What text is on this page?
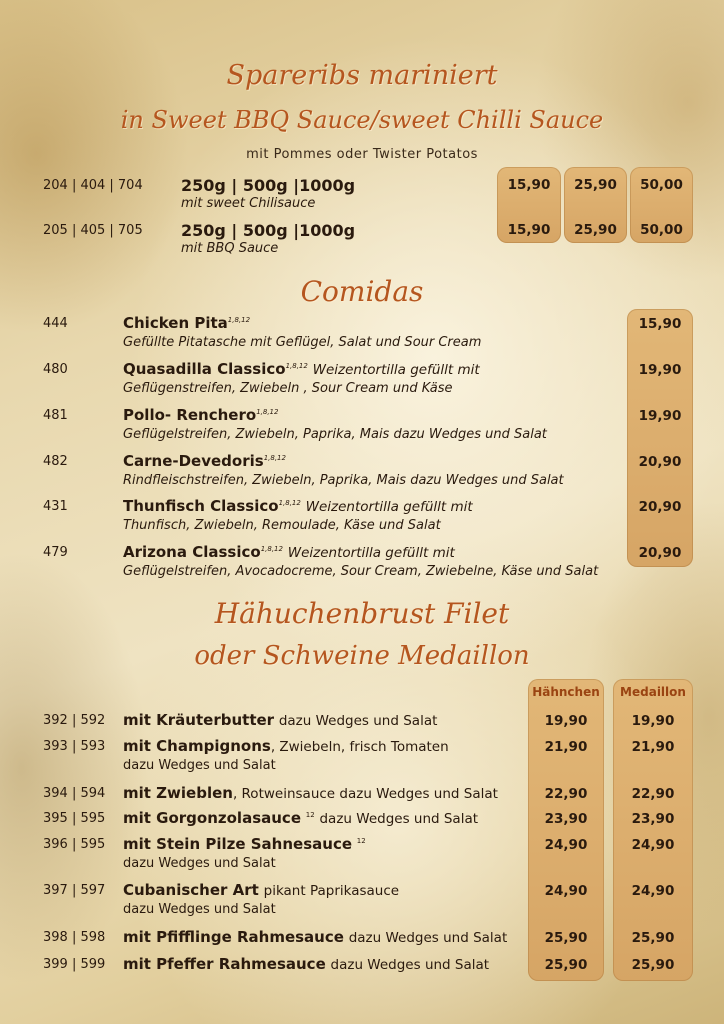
Spareribs mariniert
in Sweet BBQ Sauce/sweet Chilli Sauce
mit Pommes oder Twister Potatos
204 | 404 | 704 250g | 500g |1000g
mit sweet Chilisauce
15,90	25,90	50,00
205 | 405 | 705 250g | 500g |1000g
mit BBQ Sauce
15,90	25,90	50,00
Comidas
444	Chicken Pita$^{1,8,12}$
Gefüllte Pitatasche mit Geflügel, Salat und Sour Cream
15,90
480	Quasadilla Classico$^{1,8,12}$ Weizentortilla gefüllt mit
Geflügenstreifen, Zwiebeln , Sour Cream und Käse
19,90
481	Pollo- Renchero$^{1,8,12}$
Geflügelstreifen, Zwiebeln, Paprika, Mais dazu Wedges und Salat
19,90
482	Carne-Devedoris$^{1,8,12}$
Rindfleischstreifen, Zwiebeln, Paprika, Mais dazu Wedges und Salat
20,90
431	Thunfisch Classico$^{1,8,12}$ Weizentortilla gefüllt mit
Thunfisch, Zwiebeln, Remoulade, Käse und Salat
20,90
479	Arizona Classico$^{1,8,12}$ Weizentortilla gefüllt mit
Geflügelstreifen, Avocadocreme, Sour Cream, Zwiebelne, Käse und Salat
20,90
Hähuchenbrust Filet
oder Schweine Medaillon
Hähnchen	Medaillon
392 | 592 mit Kräuterbutter dazu Wedges und Salat	19,90	19,90
393 | 593 mit Champignons, Zwiebeln, frisch Tomaten
dazu Wedges und Salat
21,90	21,90
394 | 594 mit Zwieblen, Rotweinsauce dazu Wedges und Salat	22,90	22,90
395 | 595 mit Gorgonzolasauce $^{12}$ dazu Wedges und Salat	23,90	23,90
396 | 595 mit Stein Pilze Sahnesauce $^{12}$
dazu Wedges und Salat
24,90	24,90
397 | 597 Cubanischer Art pikant Paprikasauce
dazu Wedges und Salat
24,90	24,90
398 | 598 mit Pfifflinge Rahmesauce dazu Wedges und Salat	25,90	25,90
399 | 599 mit Pfeffer Rahmesauce dazu Wedges und Salat	25,90	25,90
